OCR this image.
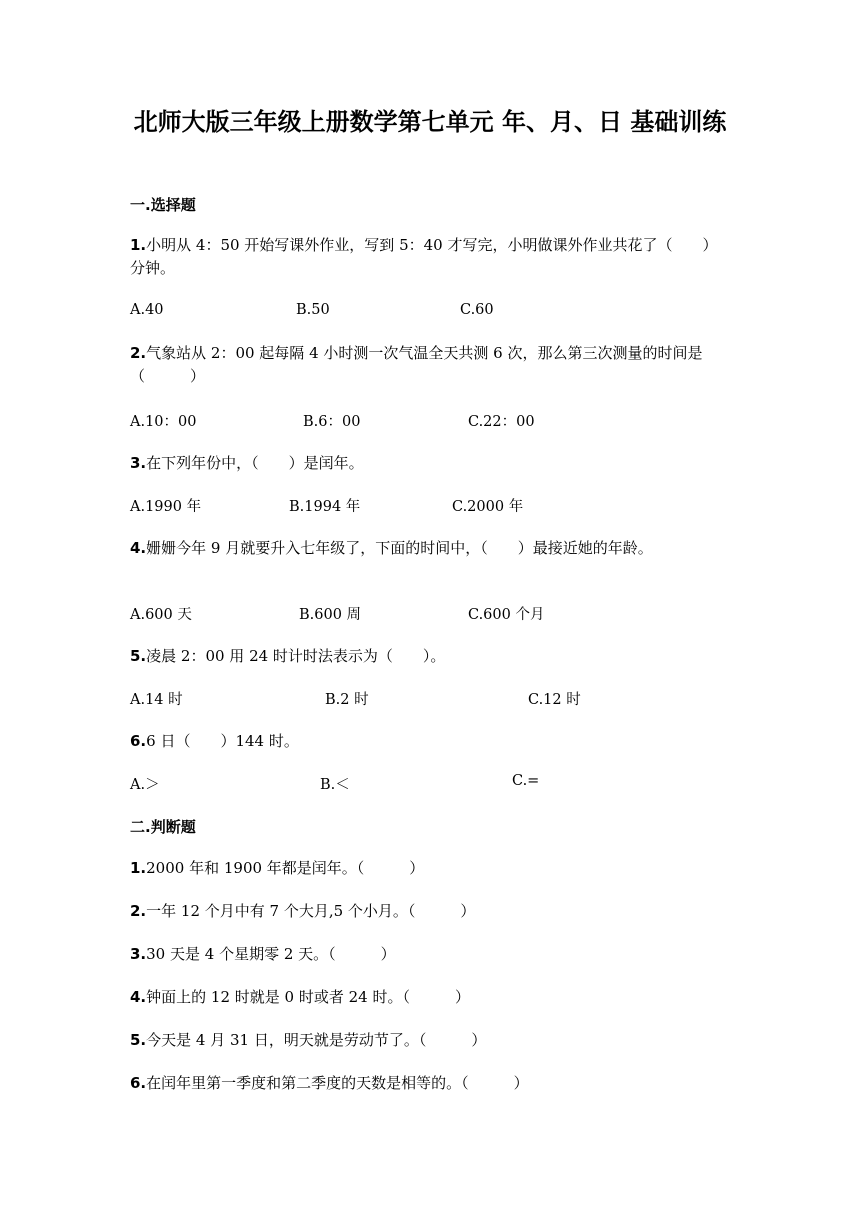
北师大版三年级上册数学第七单元 年、月、日 基础训练
一.选择题
1.小明从 4：50 开始写课外作业，写到 5：40 才写完，小明做课外作业共花了（　　）分钟。
A.40	B.50	C.60
2.气象站从 2：00 起每隔 4 小时测一次气温全天共测 6 次，那么第三次测量的时间是（　　　）
A.10：00	B.6：00	C.22：00
3.在下列年份中，（　　）是闰年。
A.1990 年	B.1994 年	C.2000 年
4.姗姗今年 9 月就要升入七年级了，下面的时间中，（　　）最接近她的年龄。
A.600 天	B.600 周	C.600 个月
5.凌晨 2：00 用 24 时计时法表示为（　　）。
A.14 时	B.2 时	C.12 时
6.6 日（　　）144 时。
A.＞	B.＜	C.=
二.判断题
1.2000 年和 1900 年都是闰年。（　　　）
2.一年 12 个月中有 7 个大月,5 个小月。（　　　）
3.30 天是 4 个星期零 2 天。（　　　）
4.钟面上的 12 时就是 0 时或者 24 时。（　　　）
5.今天是 4 月 31 日，明天就是劳动节了。（　　　）
6.在闰年里第一季度和第二季度的天数是相等的。（　　　）
